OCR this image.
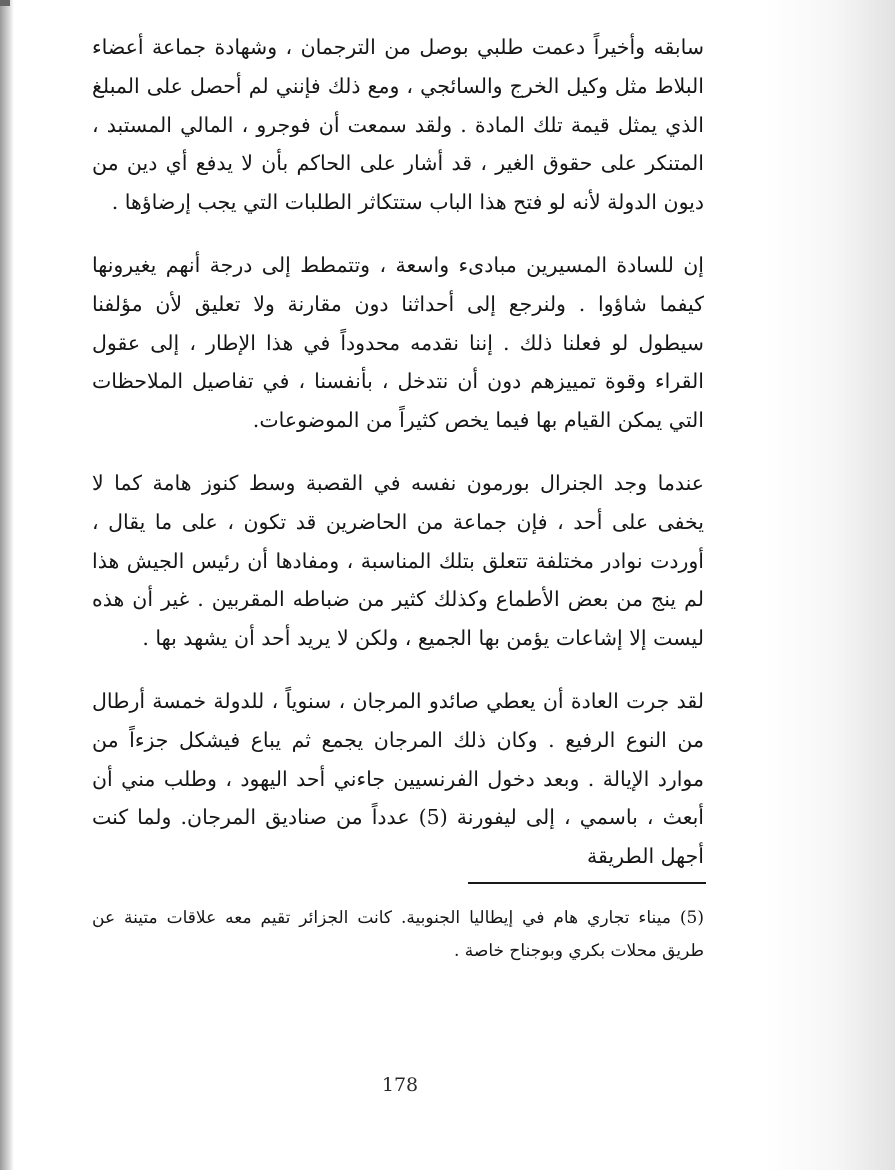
سابقه وأخيراً دعمت طلبي بوصل من الترجمان ، وشهادة جماعة أعضاء البلاط مثل وكيل الخرج والسائجي ، ومع ذلك فإنني لم أحصل على المبلغ الذي يمثل قيمة تلك المادة . ولقد سمعت أن فوجرو ، المالي المستبد ، المتنكر على حقوق الغير ، قد أشار على الحاكم بأن لا يدفع أي دين من ديون الدولة لأنه لو فتح هذا الباب ستتكاثر الطلبات التي يجب إرضاؤها .

إن للسادة المسيرين مبادىء واسعة ، وتتمطط إلى درجة أنهم يغيرونها كيفما شاؤوا . ولنرجع إلى أحداثنا دون مقارنة ولا تعليق لأن مؤلفنا سيطول لو فعلنا ذلك . إننا نقدمه محدوداً في هذا الإطار ، إلى عقول القراء وقوة تمييزهم دون أن نتدخل ، بأنفسنا ، في تفاصيل الملاحظات التي يمكن القيام بها فيما يخص كثيراً من الموضوعات.

عندما وجد الجنرال بورمون نفسه في القصبة وسط كنوز هامة كما لا يخفى على أحد ، فإن جماعة من الحاضرين قد تكون ، على ما يقال ، أوردت نوادر مختلفة تتعلق بتلك المناسبة ، ومفادها أن رئيس الجيش هذا لم ينج من بعض الأطماع وكذلك كثير من ضباطه المقربين . غير أن هذه ليست إلا إشاعات يؤمن بها الجميع ، ولكن لا يريد أحد أن يشهد بها .

لقد جرت العادة أن يعطي صائدو المرجان ، سنوياً ، للدولة خمسة أرطال من النوع الرفيع . وكان ذلك المرجان يجمع ثم يباع فيشكل جزءاً من موارد الإيالة . وبعد دخول الفرنسيين جاءني أحد اليهود ، وطلب مني أن أبعث ، باسمي ، إلى ليفورنة (5) عدداً من صناديق المرجان. ولما كنت أجهل الطريقة

(5) ميناء تجاري هام في إيطاليا الجنوبية. كانت الجزائر تقيم معه علاقات متينة عن طريق محلات بكري وبوجناح خاصة .

178
